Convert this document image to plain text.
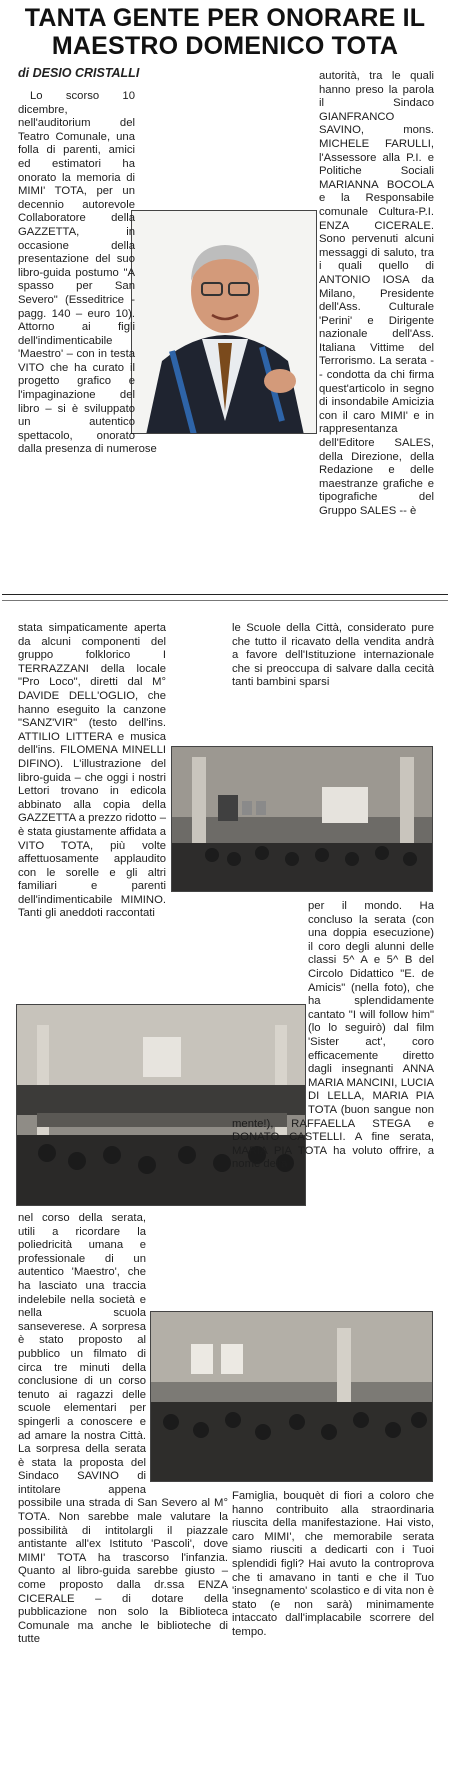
TANTA GENTE PER ONORARE IL MAESTRO DOMENICO TOTA
di DESIO CRISTALLI

Lo scorso 10 dicembre, nell'auditorium del Teatro Comunale, una folla di parenti, amici ed estimatori ha onorato la memoria di MIMI' TOTA, per un decennio autorevole Collaboratore della GAZZETTA, in occasione della presentazione del suo libro-guida postumo "A spasso per San Severo" (Esseditrice - pagg. 140 – euro 10). Attorno ai figli dell'indimenticabile 'Maestro' – con in testa VITO che ha curato il progetto grafico e l'impaginazione del libro – si è sviluppato un autentico spettacolo, onorato dalla presenza di numerose

autorità, tra le quali hanno preso la parola il Sindaco GIANFRANCO SAVINO, mons. MICHELE FARULLI, l'Assessore alla P.I. e Politiche Sociali MARIANNA BOCOLA e la Responsabile comunale Cultura-P.I. ENZA CICERALE. Sono pervenuti alcuni messaggi di saluto, tra i quali quello di ANTONIO IOSA da Milano, Presidente dell'Ass. Culturale 'Perini' e Dirigente nazionale dell'Ass. Italiana Vittime del Terrorismo. La serata -- condotta da chi firma quest'articolo in segno di insondabile Amicizia con il caro MIMI' e in rappresentanza dell'Editore SALES, della Direzione, della Redazione e delle maestranze grafiche e tipografiche del Gruppo SALES -- è

stata simpaticamente aperta da alcuni componenti del gruppo folklorico I TERRAZZANI della locale "Pro Loco", diretti dal M° DAVIDE DELL'OGLIO, che hanno eseguito la canzone "SANZ'VIR" (testo dell'ins. ATTILIO LITTERA e musica dell'ins. FILOMENA MINELLI DIFINO). L'illustrazione del libro-guida – che oggi i nostri Lettori trovano in edicola abbinato alla copia della GAZZETTA a prezzo ridotto – è stata giustamente affidata a VITO TOTA, più volte affettuosamente applaudito con le sorelle e gli altri familiari e parenti dell'indimenticabile MIMINO. Tanti gli aneddoti raccontati

nel corso della serata, utili a ricordare la poliedricità umana e professionale di un autentico 'Maestro', che ha lasciato una traccia indelebile nella società e nella scuola sanseverese. A sorpresa è stato proposto al pubblico un filmato di circa tre minuti della conclusione di un corso tenuto ai ragazzi delle scuole elementari per spingerli a conoscere e ad amare la nostra Città. La sorpresa della serata è stata la proposta del Sindaco SAVINO di intitolare appena possibile una strada di San Severo al M° TOTA. Non sarebbe male valutare la possibilità di intitolargli il piazzale antistante all'ex Istituto 'Pascoli', dove MIMI' TOTA ha trascorso l'infanzia. Quanto al libro-guida sarebbe giusto – come proposto dalla dr.ssa ENZA CICERALE – di dotare della pubblicazione non solo la Biblioteca Comunale ma anche le biblioteche di tutte

le Scuole della Città, considerato pure che tutto il ricavato della vendita andrà a favore dell'Istituzione internazionale che si preoccupa di salvare dalla cecità tanti bambini sparsi

per il mondo. Ha concluso la serata (con una doppia esecuzione) il coro degli alunni delle classi 5^ A e 5^ B del Circolo Didattico "E. de Amicis" (nella foto), che ha splendidamente cantato "I will follow him" (lo lo seguirò) dal film 'Sister act', coro efficacemente diretto dagli insegnanti ANNA MARIA MANCINI, LUCIA DI LELLA, MARIA PIA TOTA (buon sangue non mente!), RAFFAELLA STEGA e DONATO CASTELLI. A fine serata, MARIA PIA TOTA ha voluto offrire, a nome della

Famiglia, bouquèt di fiori a coloro che hanno contribuito alla straordinaria riuscita della manifestazione. Hai visto, caro MIMI', che memorabile serata siamo riusciti a dedicarti con i Tuoi splendidi figli? Hai avuto la controprova che ti amavano in tanti e che il Tuo 'insegnamento' scolastico e di vita non è stato (e non sarà) minimamente intaccato dall'implacabile scorrere del tempo.
